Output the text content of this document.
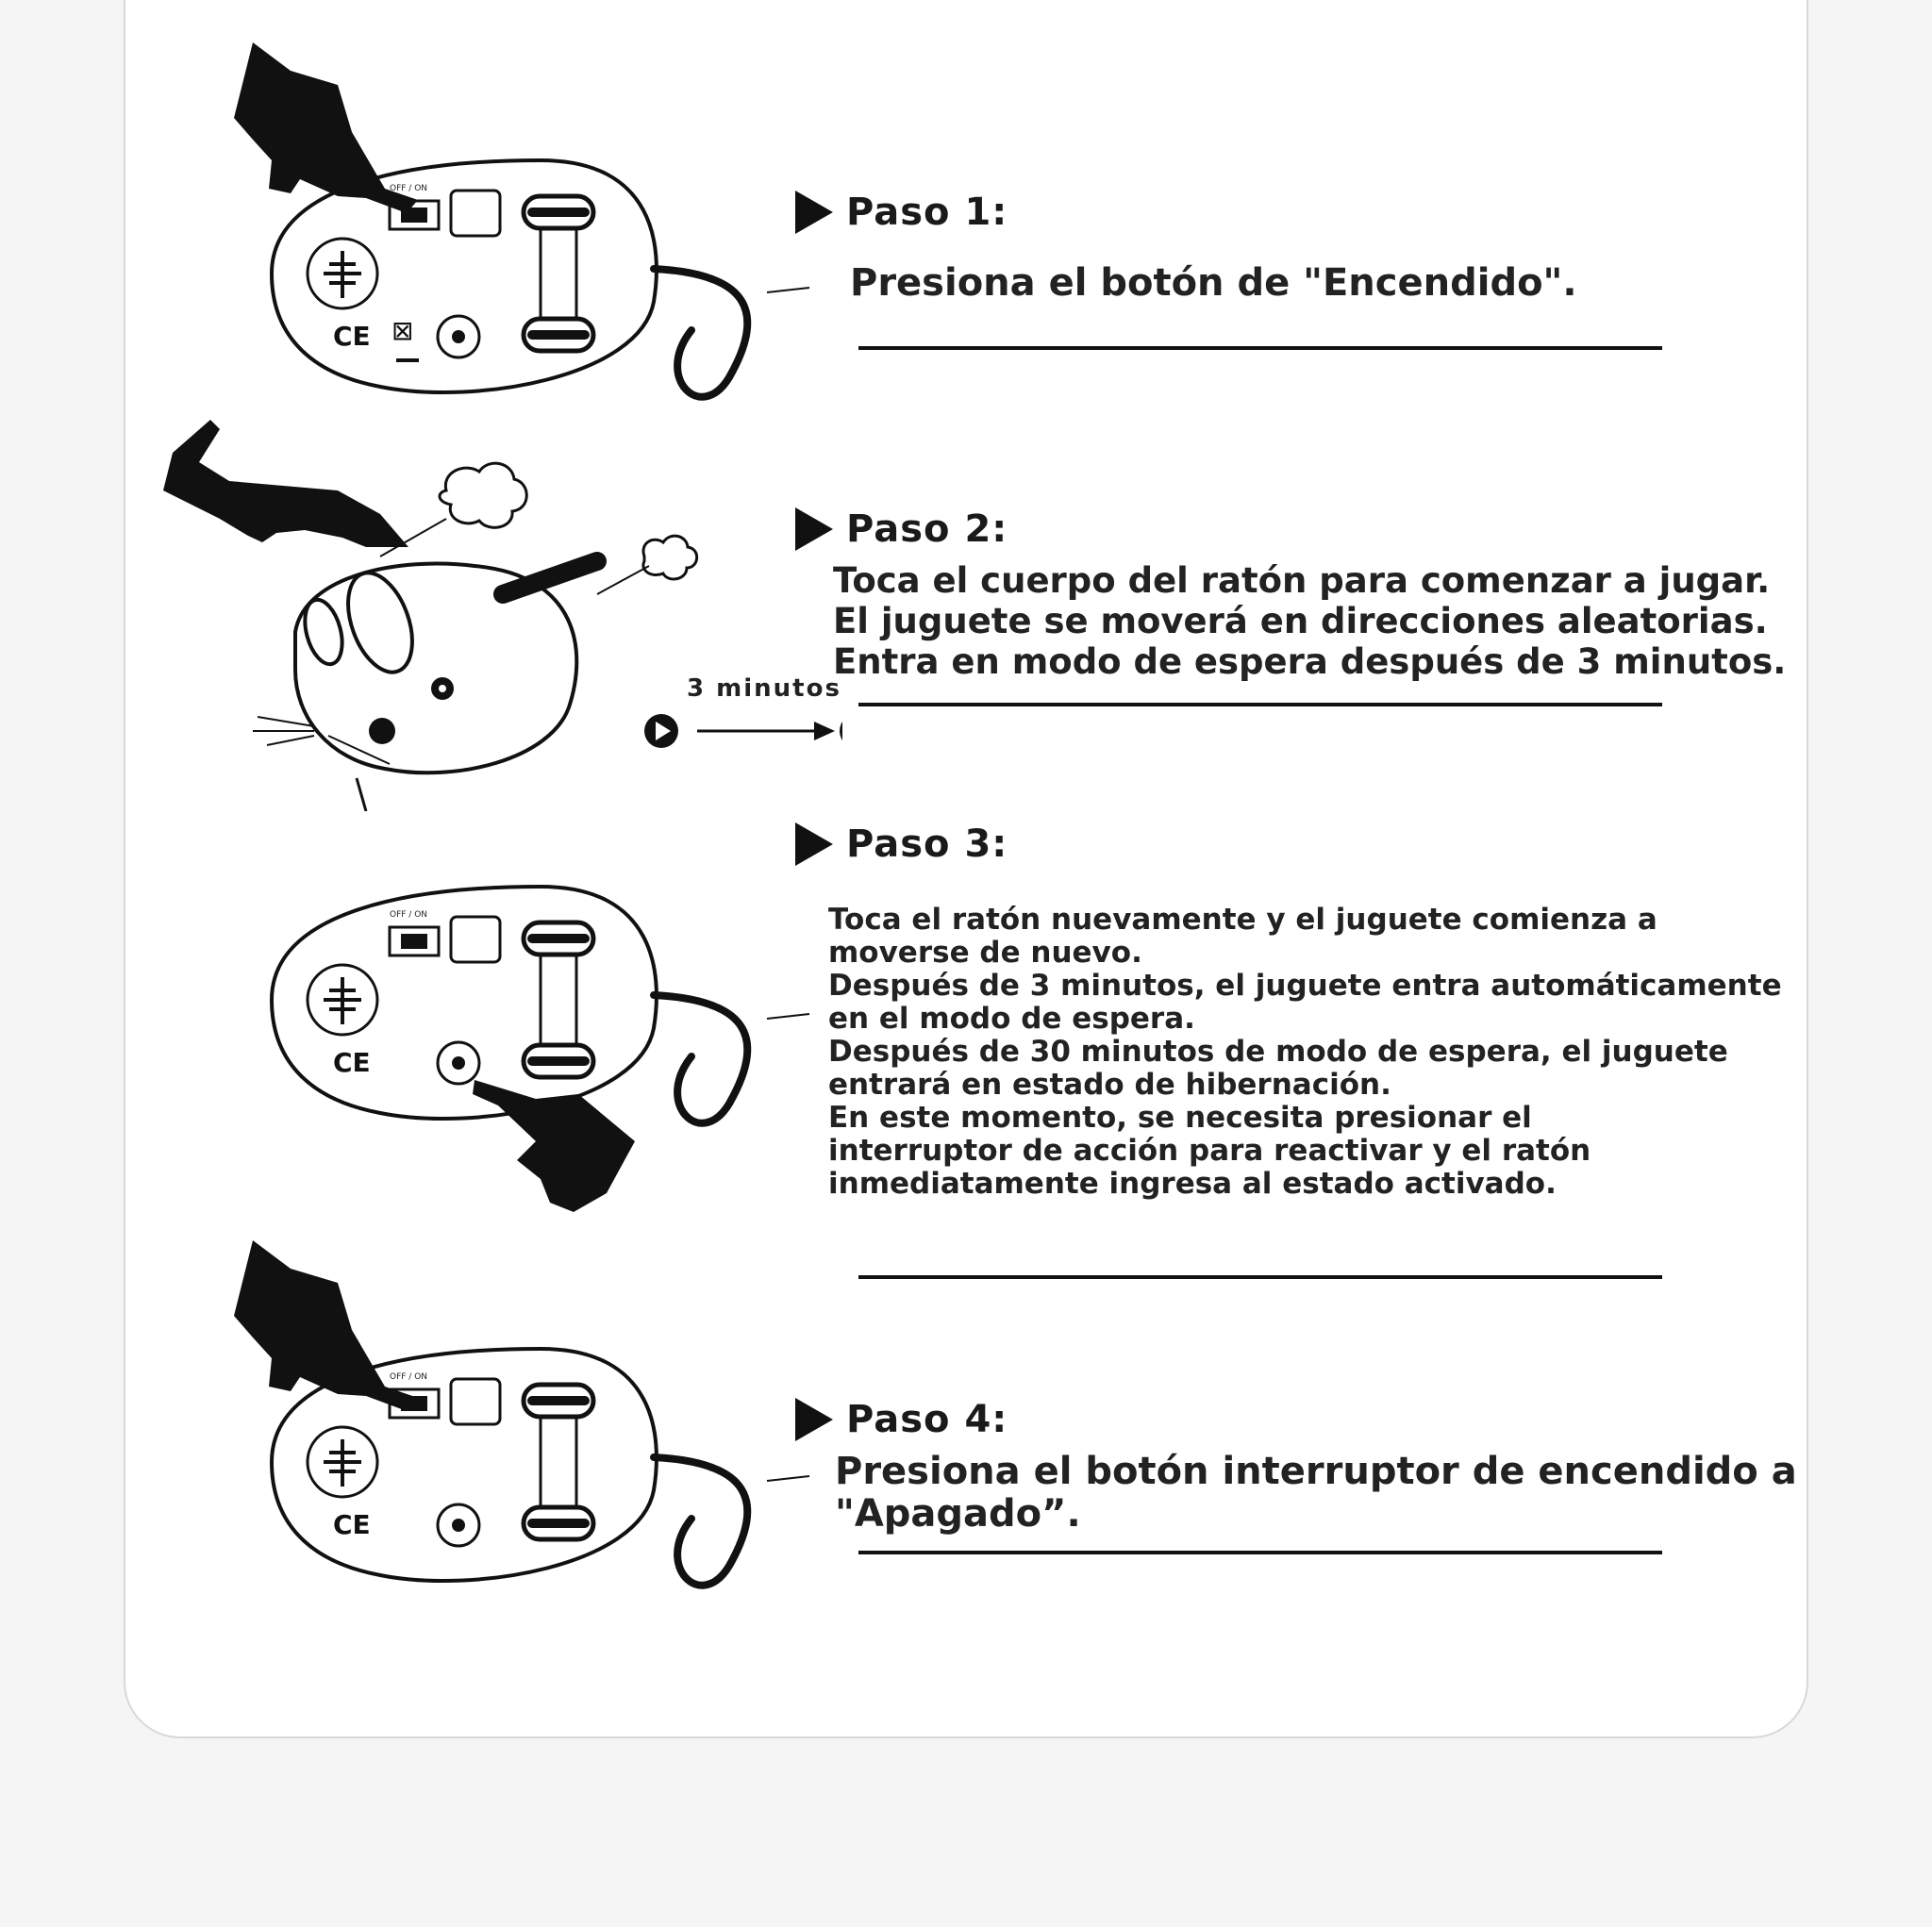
OFF / ON
CE ⊠
3 minutos
OFF / ON
CE
OFF / ON
CE
Paso 1:
Presiona el botón de "Encendido".
Paso 2:
Toca el cuerpo del ratón para comenzar a jugar.
El juguete se moverá en direcciones aleatorias.
Entra en modo de espera después de 3 minutos.
Paso 3:
Toca el ratón nuevamente y el juguete comienza a
moverse de nuevo.
Después de 3 minutos, el juguete entra automáticamente
en el modo de espera.
Después de 30 minutos de modo de espera, el juguete
entrará en estado de hibernación.
En este momento, se necesita presionar el
interruptor de acción para reactivar y el ratón
inmediatamente ingresa al estado activado.
Paso 4:
Presiona el botón interruptor de encendido a
"Apagado”.
